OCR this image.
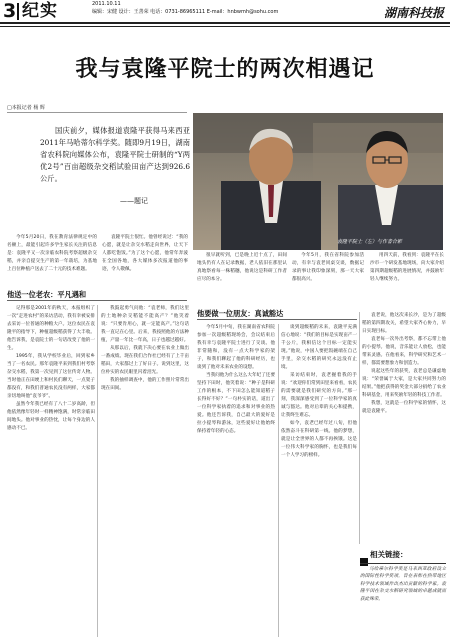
3 纪实	2011.10.11
编辑：宋健 设计：王善荣 电话：0731-86965111 E-mail：hnbwmh@sohu.com	湖南科技报
我与袁隆平院士的两次相遇记
□本报记者 杨 辉
国庆前夕，媒体报道袁隆平获得马来西亚2011年马哈蒂尔科学奖。随即9月19日，湖南省农科院向媒体公布，袁隆平院士研制的“Y两优2号”百亩超级杂交稻试验田亩产达到926.6公斤。
——题记
袁隆平院士（左）与作者合影

今年5月20日，我在教育法律规定中的名额上，最能引起许多学生家长关注的信息是：袁隆平又一次亲临农科院考察超级杂交稻，并亲自提交生产的第一年栽培，为基地上百位种植户送去了二十元的技术难题。

袁隆平院士很忙。他曾经说过：“我的心愿，就是让杂交水稻走向世界，让天下人都吃饱饭。”为了这个心愿，他常年奔波在全国各地，各大媒体多次报道他的事迹，令人敬佩。

很早就听到，已是晚上近十点了，田间地头仍有人在记录数据，老人依旧在那里认真地察看每一株稻穗，他说这是科研工作者应尽的本分。

今年5月，我在省科院参加活动，有幸与袁老同桌交谈，数据记录的事让我印象深刻，那一天大家都很高兴。

用四天前，我看到：袁隆平在长沙市一个研发基地现场，向大家介绍第四期超级稻的进展情况，并鼓励年轻人继续努力。

他送一位老农：平凡遇和

记得那是2001年的秋天，本报组织了一次“走进农村”的采访活动，我有幸被安排去采访一位普通的种粮大户。这位农民在袁隆平的指导下，种植超级稻获得了大丰收。他告诉我，是袁院士的一句话改变了他的一生。

1995年，我从学校毕业后，回到家乡当了一名农民。那年袁隆平来到我们村考察杂交水稻，我第一次见到了这位传奇人物。当时他正在田埂上和村民们聊天，一点架子都没有，和我们普通农民没有两样，大家都亲切地叫他“袁爷爷”。

虽然今年我已经有了八十二岁高龄，但他依然像年轻时一样精神饱满，时常亲临田间地头。他对事业的热忱，让每个身边的人感动不已。

我鼓起勇气问他：“袁老师，我们这里的土地种杂交稻能不能高产？”他笑着说：“只要肯用心，就一定能高产。”这句话我一直记在心里。后来，我按照他的方法种植，产量一年比一年高，日子也越过越好。

从那以后，我就下决心要在农业上做出一番成绩。现在我们合作社已经有了上千亩稻田，大家都过上了好日子。说到这里，这位朴实的农民眼里闪着泪光。

我的抽样调查中，他的工作照片常常出现在田间。

他要做一位朋友：真诚豁达

今年5月中旬，我在湖南省农科院参加一次超级稻现场会，会议结束后我有幸与袁隆平院士进行了交谈。他非常随和，没有一点大科学家的架子，和我们聊起了他的科研经历，也谈到了他对未来农业的设想。

当我问他为什么这么大年纪了还要坚持下田时，他笑着说：“种子是科研工作的根本，不下田怎么能知道稻子长得好不好？”一句朴实的话，道出了一位科学家执着的追求和对事业的热爱。他还告诉我，自己最大的爱好是拉小提琴和游泳，这些爱好让他始终保持着年轻的心态。

谈到超级稻的未来，袁隆平充满信心地说：“我们的目标是实现亩产一千公斤，我相信这个目标一定能实现。”他说，中国人要把饭碗端在自己手里，杂交水稻的研究永远没有止境。

采访结束时，袁老握着我的手说：“欢迎你们常到田里来看看，农民的需要就是我们研究的方向。”那一刻，我深深感受到了一位科学家的真诚与豁达。他对后辈的关心和提携，让我终生难忘。

如今，袁老已经年过八旬，但他依然奋斗在科研第一线。他的梦想，就是让全世界的人都不再挨饿。这是一位伟大科学家的胸怀，也是我们每一个人学习的榜样。

袁老说，他这次来长沙，是为了超级稻的第四期攻关，希望大家齐心协力，早日实现目标。

袁老每一次外出考察，都不忘带上他的小提琴。他说，音乐能让人放松，也能带来灵感。在他看来，科学研究和艺术一样，都需要想象力和创造力。

说起这些年的获奖，袁老总是谦虚地说：“荣誉属于大家，是大家共同努力的结果。”他把获得的奖金大部分捐给了农业科研基金，用来奖励年轻的科技工作者。

我想，这就是一位科学家的情怀，这就是袁隆平。

相关链接：
马哈蒂尔科学奖是马来西亚政府设立的国际性科学奖项，旨在表彰在热带地区科学技术领域作出杰出贡献的科学家。袁隆平因在杂交水稻研究领域的卓越成就而获此殊荣。
